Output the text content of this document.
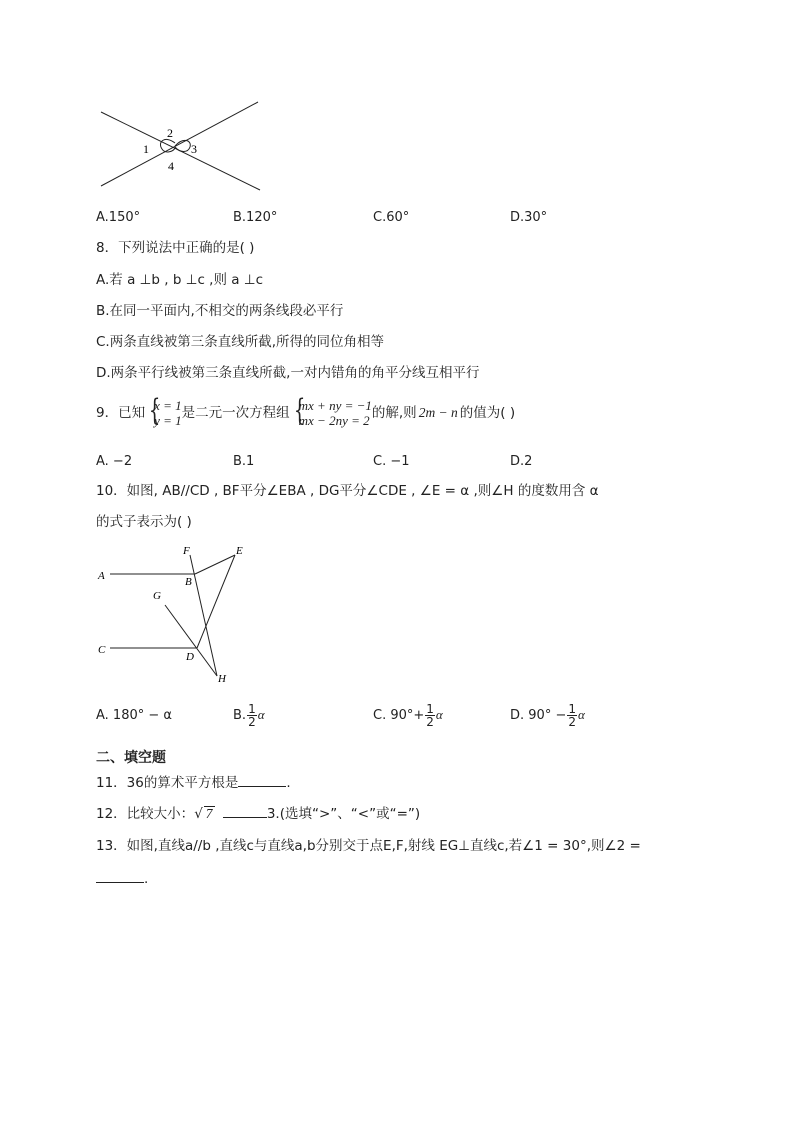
1
2
3
4
A.150°	B.120°	C.60°	D.30°
8．下列说法中正确的是( )
A.若 a ⊥b , b ⊥c ,则 a ⊥c
B.在同一平面内,不相交的两条线段必平行
C.两条直线被第三条直线所截,所得的同位角相等
D.两条平行线被第三条直线所截,一对内错角的角平分线互相平行
9．已知 {
x = 1
y = 1 是二元一次方程组 {
mx + ny = −1
mx − 2ny = 2 的解,则 2m − n 的值为( )
A. −2	B.1	C. −1	D.2
10．如图, AB//CD , BF平分∠EBA , DG平分∠CDE , ∠E = α ,则∠H 的度数用含 α
的式子表示为( )
A	B
C
D
E
F
G
H
A. 180° − α	B. $\frac{1}{2}$ α	C. $90^\circ+ \frac{1}{2}$ α	D. $90^\circ - \frac{1}{2}$ α
二、填空题
11．36的算术平方根是	.
12．比较大小：√ 7	3.(选填“>”、“<”或“=”)
13．如图,直线a//b ,直线c与直线a,b分别交于点E,F,射线 EG⊥直线c,若∠1 = 30°,则∠2 =
.
